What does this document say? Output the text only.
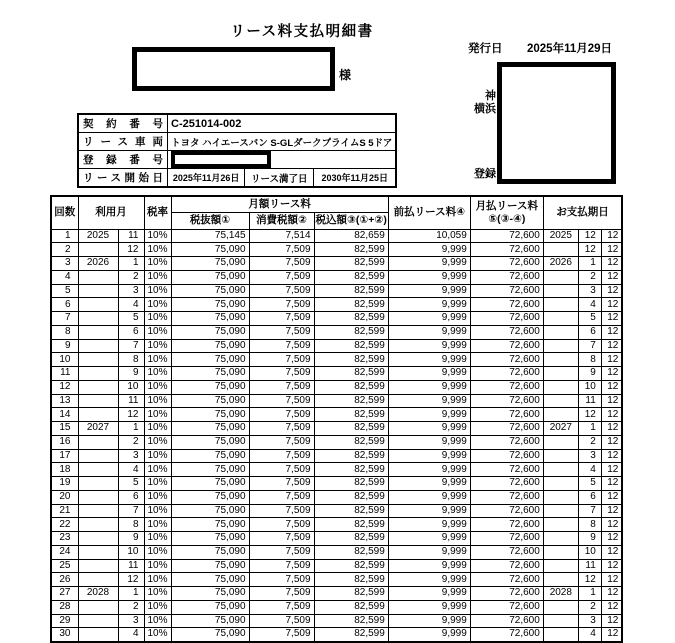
リース料支払明細書
様
発行日 2025年11月29日
神
横浜
登録
契約番号	C-251014-002		
リース車両	トヨタ ハイエースバン S-GLダークプライムS 5ドア		
登録番号			

リース開始日	2025年11月26日	リース満了日	2030年11月25日
回数	利用月		税率	月額リース料			前払リース料④	月払リース料
⑤(③-④)	お支払期日		
				税抜額①	消費税額②	税込額③(①+②)					
1	2025	11	10%	75,145	7,514	82,659	10,059	72,600	2025	12	12
2		12	10%	75,090	7,509	82,599	9,999	72,600		12	12
3	2026	1	10%	75,090	7,509	82,599	9,999	72,600	2026	1	12
4		2	10%	75,090	7,509	82,599	9,999	72,600		2	12
5		3	10%	75,090	7,509	82,599	9,999	72,600		3	12
6		4	10%	75,090	7,509	82,599	9,999	72,600		4	12
7		5	10%	75,090	7,509	82,599	9,999	72,600		5	12
8		6	10%	75,090	7,509	82,599	9,999	72,600		6	12
9		7	10%	75,090	7,509	82,599	9,999	72,600		7	12
10		8	10%	75,090	7,509	82,599	9,999	72,600		8	12
11		9	10%	75,090	7,509	82,599	9,999	72,600		9	12
12		10	10%	75,090	7,509	82,599	9,999	72,600		10	12
13		11	10%	75,090	7,509	82,599	9,999	72,600		11	12
14		12	10%	75,090	7,509	82,599	9,999	72,600		12	12
15	2027	1	10%	75,090	7,509	82,599	9,999	72,600	2027	1	12
16		2	10%	75,090	7,509	82,599	9,999	72,600		2	12
17		3	10%	75,090	7,509	82,599	9,999	72,600		3	12
18		4	10%	75,090	7,509	82,599	9,999	72,600		4	12
19		5	10%	75,090	7,509	82,599	9,999	72,600		5	12
20		6	10%	75,090	7,509	82,599	9,999	72,600		6	12
21		7	10%	75,090	7,509	82,599	9,999	72,600		7	12
22		8	10%	75,090	7,509	82,599	9,999	72,600		8	12
23		9	10%	75,090	7,509	82,599	9,999	72,600		9	12
24		10	10%	75,090	7,509	82,599	9,999	72,600		10	12
25		11	10%	75,090	7,509	82,599	9,999	72,600		11	12
26		12	10%	75,090	7,509	82,599	9,999	72,600		12	12
27	2028	1	10%	75,090	7,509	82,599	9,999	72,600	2028	1	12
28		2	10%	75,090	7,509	82,599	9,999	72,600		2	12
29		3	10%	75,090	7,509	82,599	9,999	72,600		3	12
30		4	10%	75,090	7,509	82,599	9,999	72,600		4	12
